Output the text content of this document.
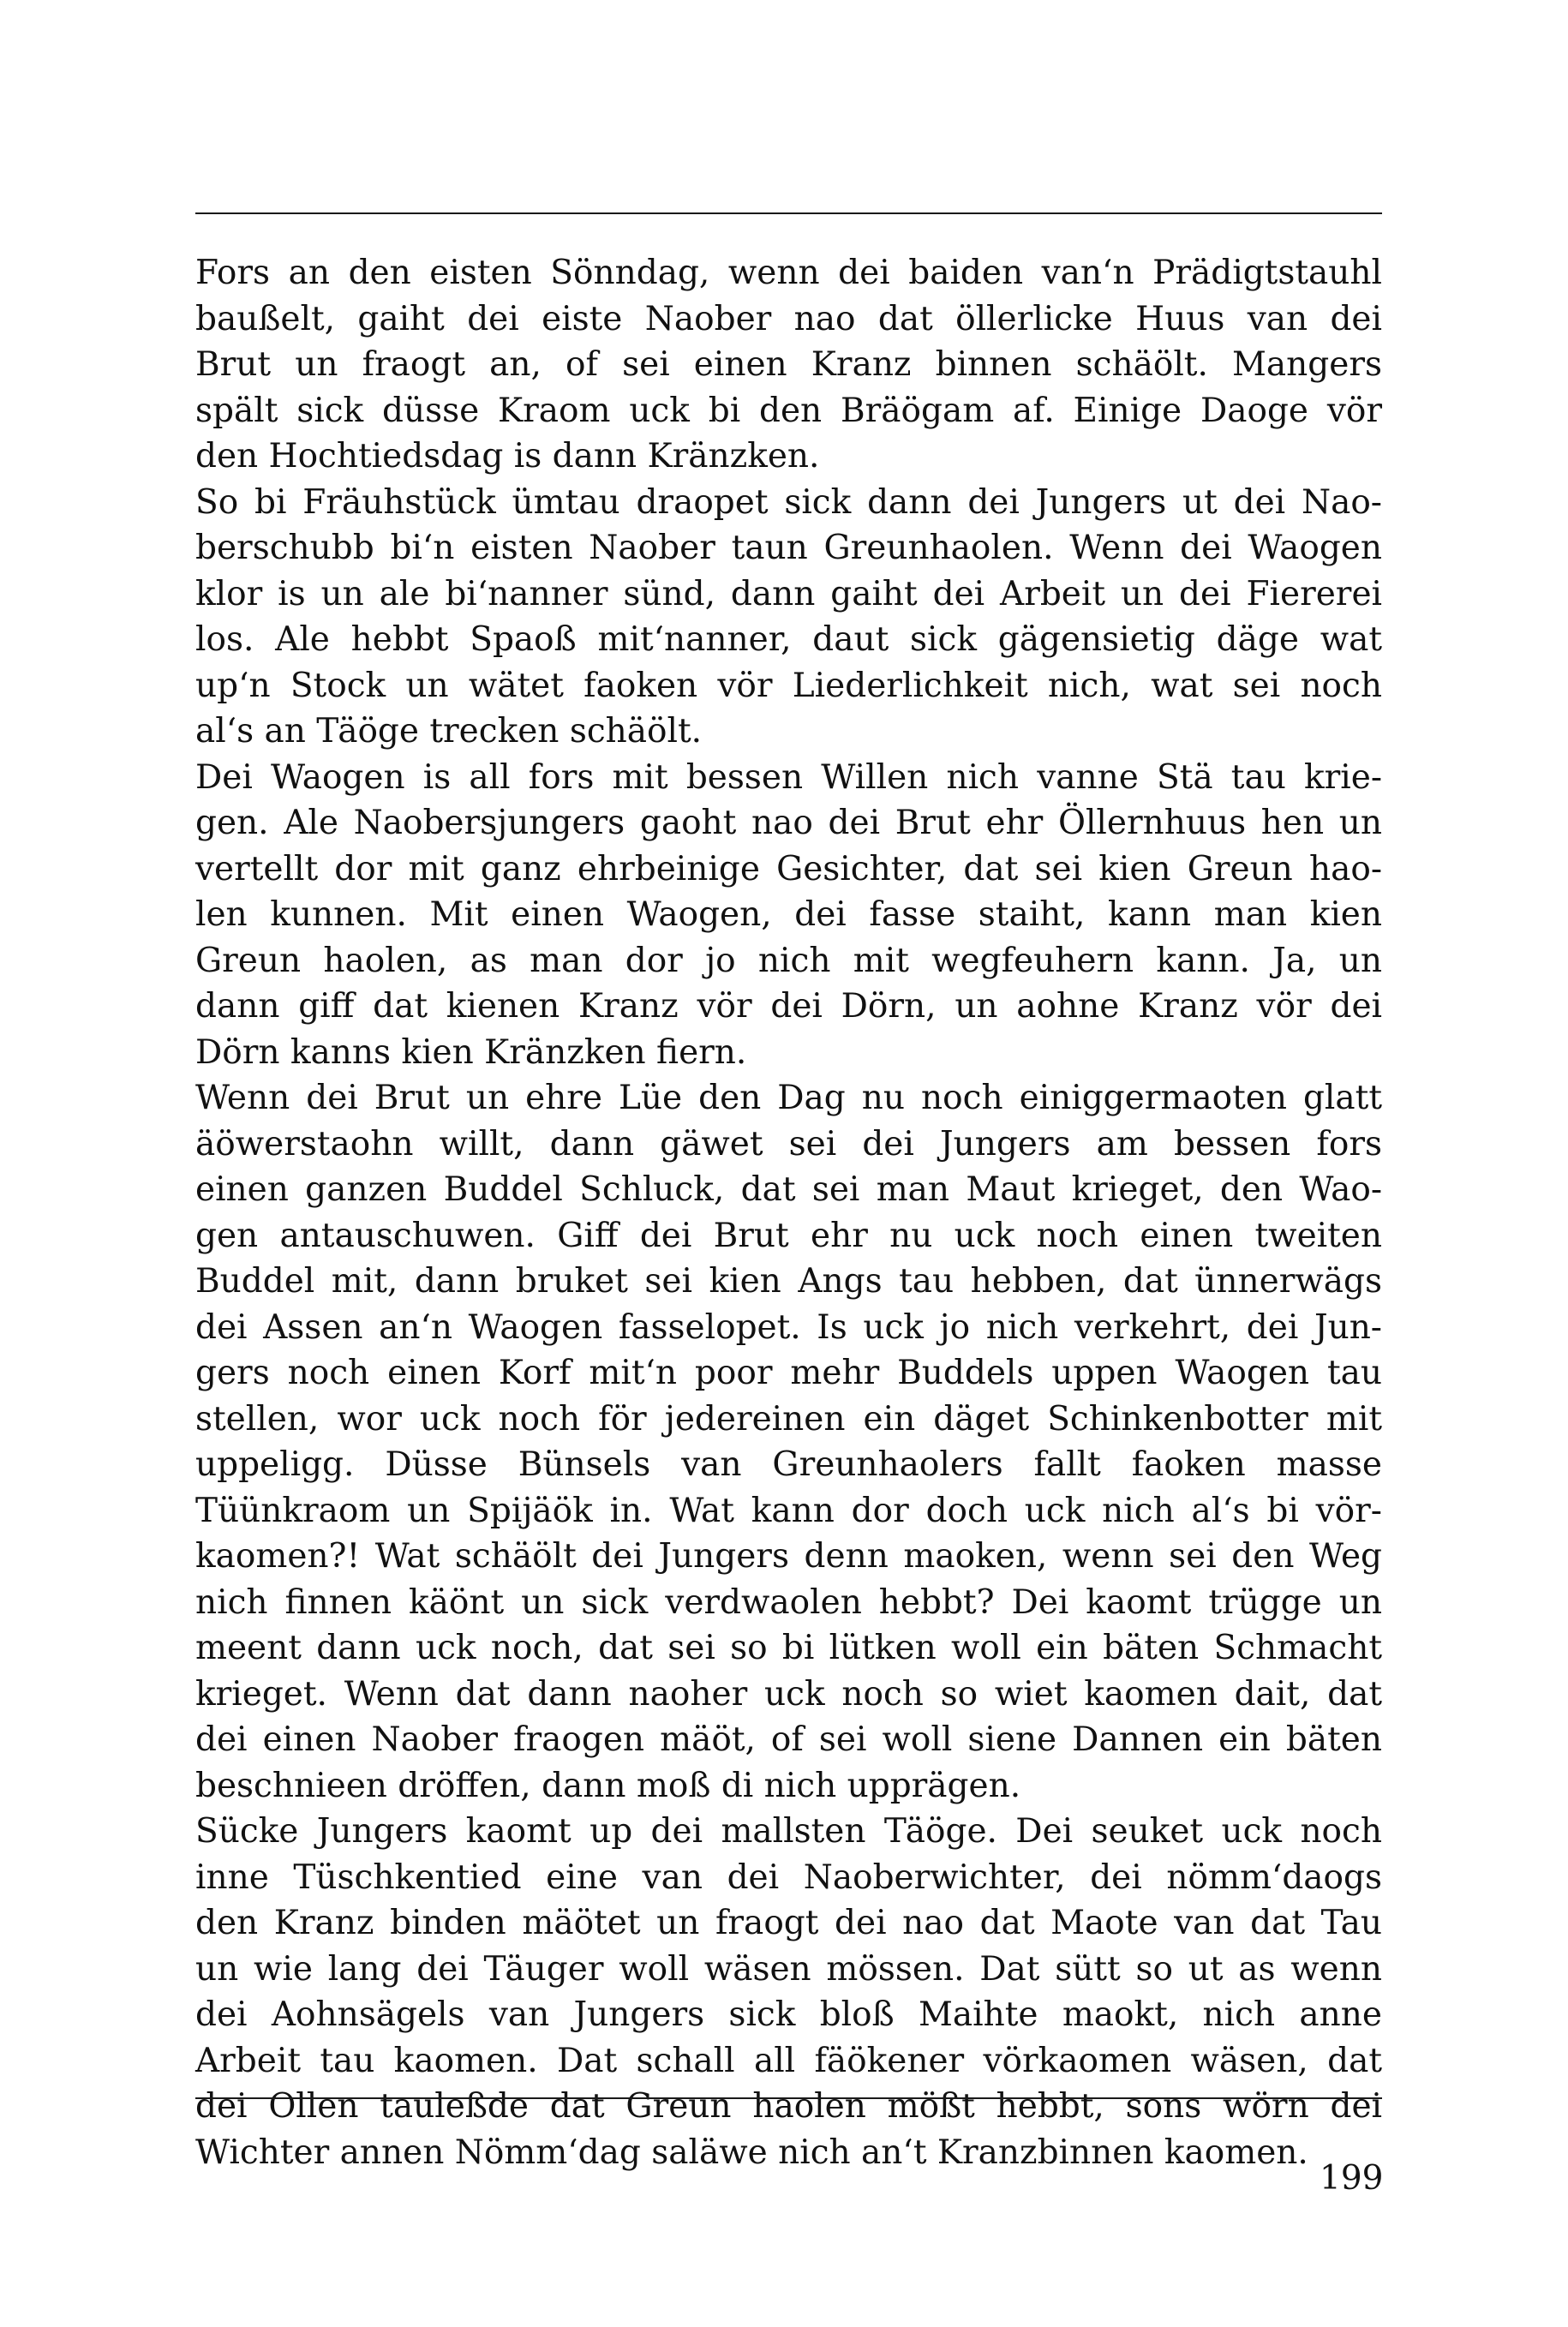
Fors an den eisten Sönndag, wenn dei baiden van‘n Prädigtstauhl
baußelt, gaiht dei eiste Naober nao dat öllerlicke Huus van dei
Brut un fraogt an, of sei einen Kranz binnen schäölt. Mangers
spält sick düsse Kraom uck bi den Bräögam af. Einige Daoge vör
den Hochtiedsdag is dann Kränzken.
So bi Fräuhstück ümtau draopet sick dann dei Jungers ut dei Nao-
berschubb bi‘n eisten Naober taun Greunhaolen. Wenn dei Waogen
klor is un ale bi‘nanner sünd, dann gaiht dei Arbeit un dei Fiererei
los. Ale hebbt Spaoß mit‘nanner, daut sick gägensietig däge wat
up‘n Stock un wätet faoken vör Liederlichkeit nich, wat sei noch
al‘s an Täöge trecken schäölt.
Dei Waogen is all fors mit bessen Willen nich vanne Stä tau krie-
gen. Ale Naobersjungers gaoht nao dei Brut ehr Öllernhuus hen un
vertellt dor mit ganz ehrbeinige Gesichter, dat sei kien Greun hao-
len kunnen. Mit einen Waogen, dei fasse staiht, kann man kien
Greun haolen, as man dor jo nich mit wegfeuhern kann. Ja, un
dann giff dat kienen Kranz vör dei Dörn, un aohne Kranz vör dei
Dörn kanns kien Kränzken fiern.
Wenn dei Brut un ehre Lüe den Dag nu noch einiggermaoten glatt
äöwerstaohn willt, dann gäwet sei dei Jungers am bessen fors
einen ganzen Buddel Schluck, dat sei man Maut krieget, den Wao-
gen antauschuwen. Giff dei Brut ehr nu uck noch einen tweiten
Buddel mit, dann bruket sei kien Angs tau hebben, dat ünnerwägs
dei Assen an‘n Waogen fasselopet. Is uck jo nich verkehrt, dei Jun-
gers noch einen Korf mit‘n poor mehr Buddels uppen Waogen tau
stellen, wor uck noch för jedereinen ein däget Schinkenbotter mit
uppeligg. Düsse Bünsels van Greunhaolers fallt faoken masse
Tüünkraom un Spijäök in. Wat kann dor doch uck nich al‘s bi vör-
kaomen?! Wat schäölt dei Jungers denn maoken, wenn sei den Weg
nich finnen käönt un sick verdwaolen hebbt? Dei kaomt trügge un
meent dann uck noch, dat sei so bi lütken woll ein bäten Schmacht
krieget. Wenn dat dann naoher uck noch so wiet kaomen dait, dat
dei einen Naober fraogen mäöt, of sei woll siene Dannen ein bäten
beschnieen dröffen, dann moß di nich upprägen.
Sücke Jungers kaomt up dei mallsten Täöge. Dei seuket uck noch
inne Tüschkentied eine van dei Naoberwichter, dei nömm‘daogs
den Kranz binden mäötet un fraogt dei nao dat Maote van dat Tau
un wie lang dei Täuger woll wäsen mössen. Dat sütt so ut as wenn
dei Aohnsägels van Jungers sick bloß Maihte maokt, nich anne
Arbeit tau kaomen. Dat schall all fäökener vörkaomen wäsen, dat
dei Ollen tauleßde dat Greun haolen mößt hebbt, sons wörn dei
Wichter annen Nömm‘dag saläwe nich an‘t Kranzbinnen kaomen.
199
